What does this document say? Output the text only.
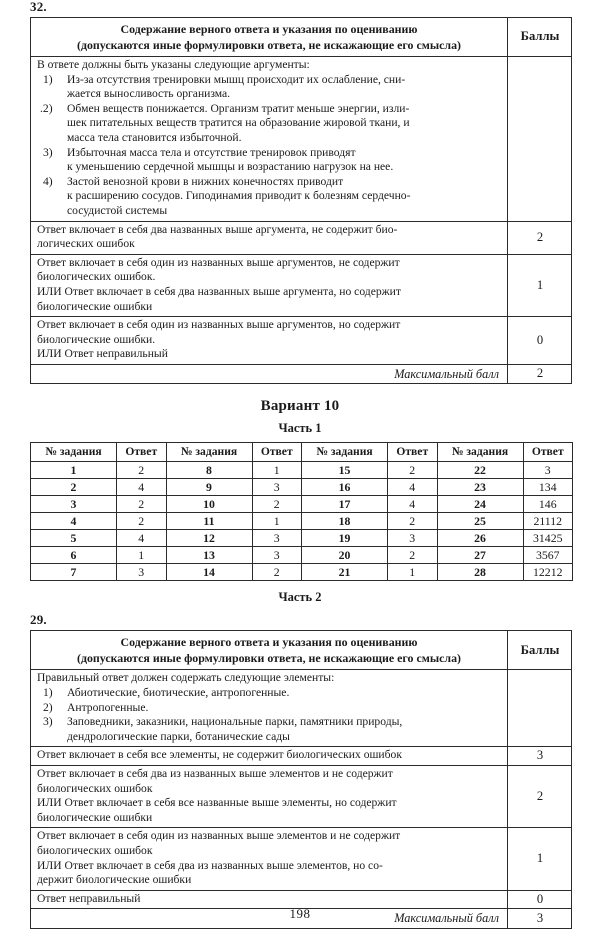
32.
Содержание верного ответа и указания по оцениванию
(допускаются иные формулировки ответа, не искажающие его смысла)	Баллы

В ответе должны быть указаны следующие аргументы:
1)	Из-за отсутствия тренировки мышц происходит их ослабление, сни-
жается выносливость организма.
.2)	Обмен веществ понижается. Организм тратит меньше энергии, изли-
шек питательных веществ тратится на образование жировой ткани, и
масса тела становится избыточной.
3)	Избыточная масса тела и отсутствие тренировок приводят
к уменьшению сердечной мышцы и возрастанию нагрузок на нее.
4)	Застой венозной крови в нижних конечностях приводит
к расширению сосудов. Гиподинамия приводит к болезням сердечно-
сосудистой системы

Ответ включает в себя два названных выше аргумента, не содержит био-
логических ошибок	2

Ответ включает в себя один из названных выше аргументов, не содержит
биологических ошибок.
ИЛИ Ответ включает в себя два названных выше аргумента, но содержит
биологические ошибки	1

Ответ включает в себя один из названных выше аргументов, но содержит
биологические ошибки.
ИЛИ Ответ неправильный	0
Максимальный балл	2
Вариант 10
Часть 1
№ задания	Ответ	№ задания	Ответ	№ задания	Ответ	№ задания	Ответ
1	2	8	1	15	2	22	3
2	4	9	3	16	4	23	134
3	2	10	2	17	4	24	146
4	2	11	1	18	2	25	21112
5	4	12	3	19	3	26	31425
6	1	13	3	20	2	27	3567
7	3	14	2	21	1	28	12212
Часть 2
29.
Содержание верного ответа и указания по оцениванию
(допускаются иные формулировки ответа, не искажающие его смысла)	Баллы

Правильный ответ должен содержать следующие элементы:
1)	Абиотические, биотические, антропогенные.
2)	Антропогенные.
3)	Заповедники, заказники, национальные парки, памятники природы,
дендрологические парки, ботанические сады

Ответ включает в себя все элементы, не содержит биологических ошибок	3

Ответ включает в себя два из названных выше элементов и не содержит
биологических ошибок
ИЛИ Ответ включает в себя все названные выше элементы, но содержит
биологические ошибки	2

Ответ включает в себя один из названных выше элементов и не содержит
биологических ошибок
ИЛИ Ответ включает в себя два из названных выше элементов, но со-
держит биологические ошибки	1

Ответ неправильный	0
Максимальный балл	3
198
